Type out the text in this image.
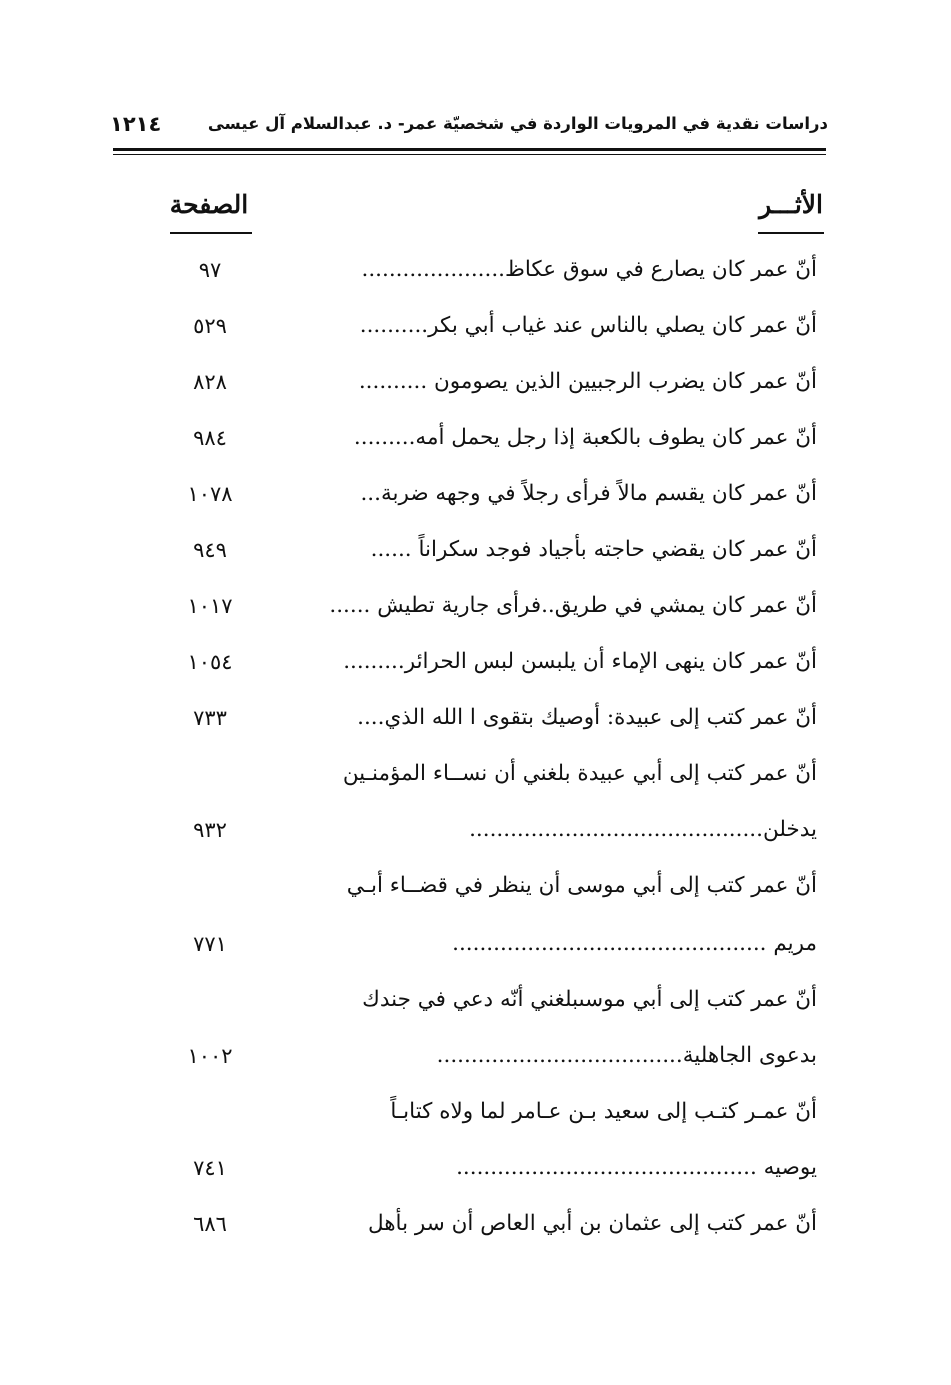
دراسات نقدية في المرويات الواردة في شخصيّة عمر- د. عبدالسلام آل عيسى
١٢١٤
الأثـــر
الصفحة
أنّ عمر كان يصارع في سوق عكاظ.....................
٩٧
أنّ عمر كان يصلي بالناس عند غياب أبي بكر..........
٥٢٩
أنّ عمر كان يضرب الرجبيين الذين يصومون ..........
٨٢٨
أنّ عمر كان يطوف بالكعبة إذا رجل يحمل أمه.........
٩٨٤
أنّ عمر كان يقسم مالاً فرأى رجلاً في وجهه ضربة...
١٠٧٨
أنّ عمر كان يقضي حاجته بأجياد فوجد سكراناً ......
٩٤٩
أنّ عمر كان يمشي في طريق..فرأى جارية تطيش ......
١٠١٧
أنّ عمر كان ينهى الإماء أن يلبسن لبس الحرائر.........
١٠٥٤
أنّ عمر كتب إلى عبيدة: أوصيك بتقوى ا الله الذي....
٧٣٣
أنّ عمر كتب إلى أبي عبيدة بلغني أن نســاء المؤمنـين
يدخلن...........................................
٩٣٢
أنّ عمر كتب إلى أبي موسى أن ينظر في قضــاء أبـي
مريم ..............................................
٧٧١
أنّ عمر كتب إلى أبي موسىبلغني أنّه دعي في جندك
بدعوى الجاهلية....................................
١٠٠٢
أنّ عمـر كتـب إلى سعيد بـن عـامر لما ولاه كتابـاً
يوصيه ............................................
٧٤١
أنّ عمر كتب إلى عثمان بن أبي العاص أن سر بأهل
٦٨٦
